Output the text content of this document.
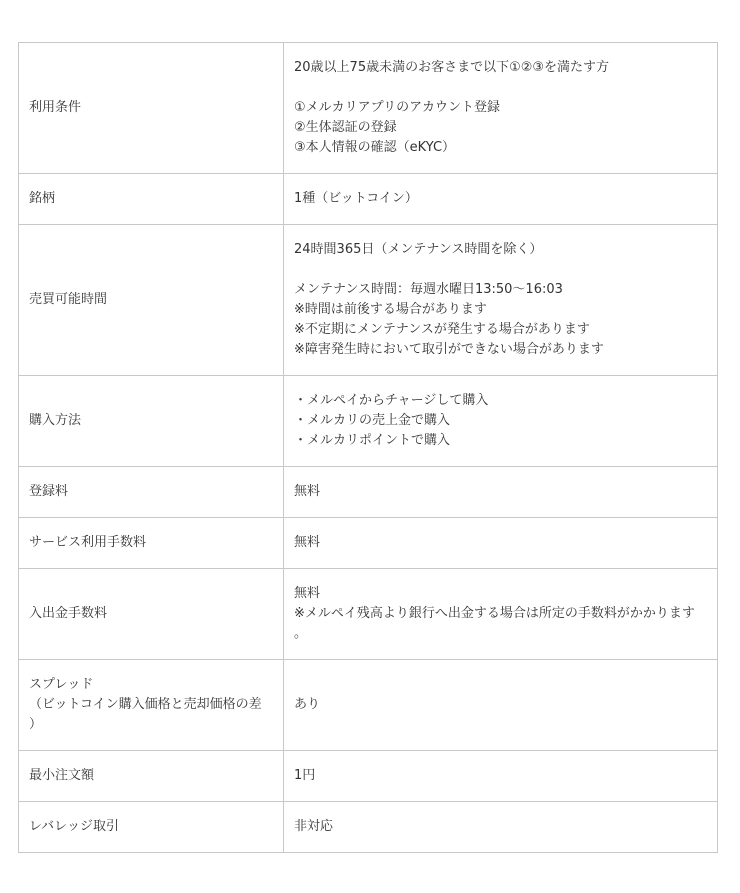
利用条件	20歳以上75歳未満のお客さまで以下①②③を満たす方
①メルカリアプリのアカウント登録
②生体認証の登録
③本人情報の確認（eKYC）

銘柄	1種（ビットコイン）

売買可能時間	24時間365日（メンテナンス時間を除く）
メンテナンス時間：毎週水曜日13:50〜16:03
※時間は前後する場合があります
※不定期にメンテナンスが発生する場合があります
※障害発生時において取引ができない場合があります

購入方法	・メルペイからチャージして購入
・メルカリの売上金で購入
・メルカリポイントで購入

登録料	無料

サービス利用手数料	無料

入出金手数料	無料
※メルペイ残高より銀行へ出金する場合は所定の手数料がかかります
。

スプレッド
（ビットコイン購入価格と売却価格の差
）	あり

最小注文額	1円

レバレッジ取引	非対応
